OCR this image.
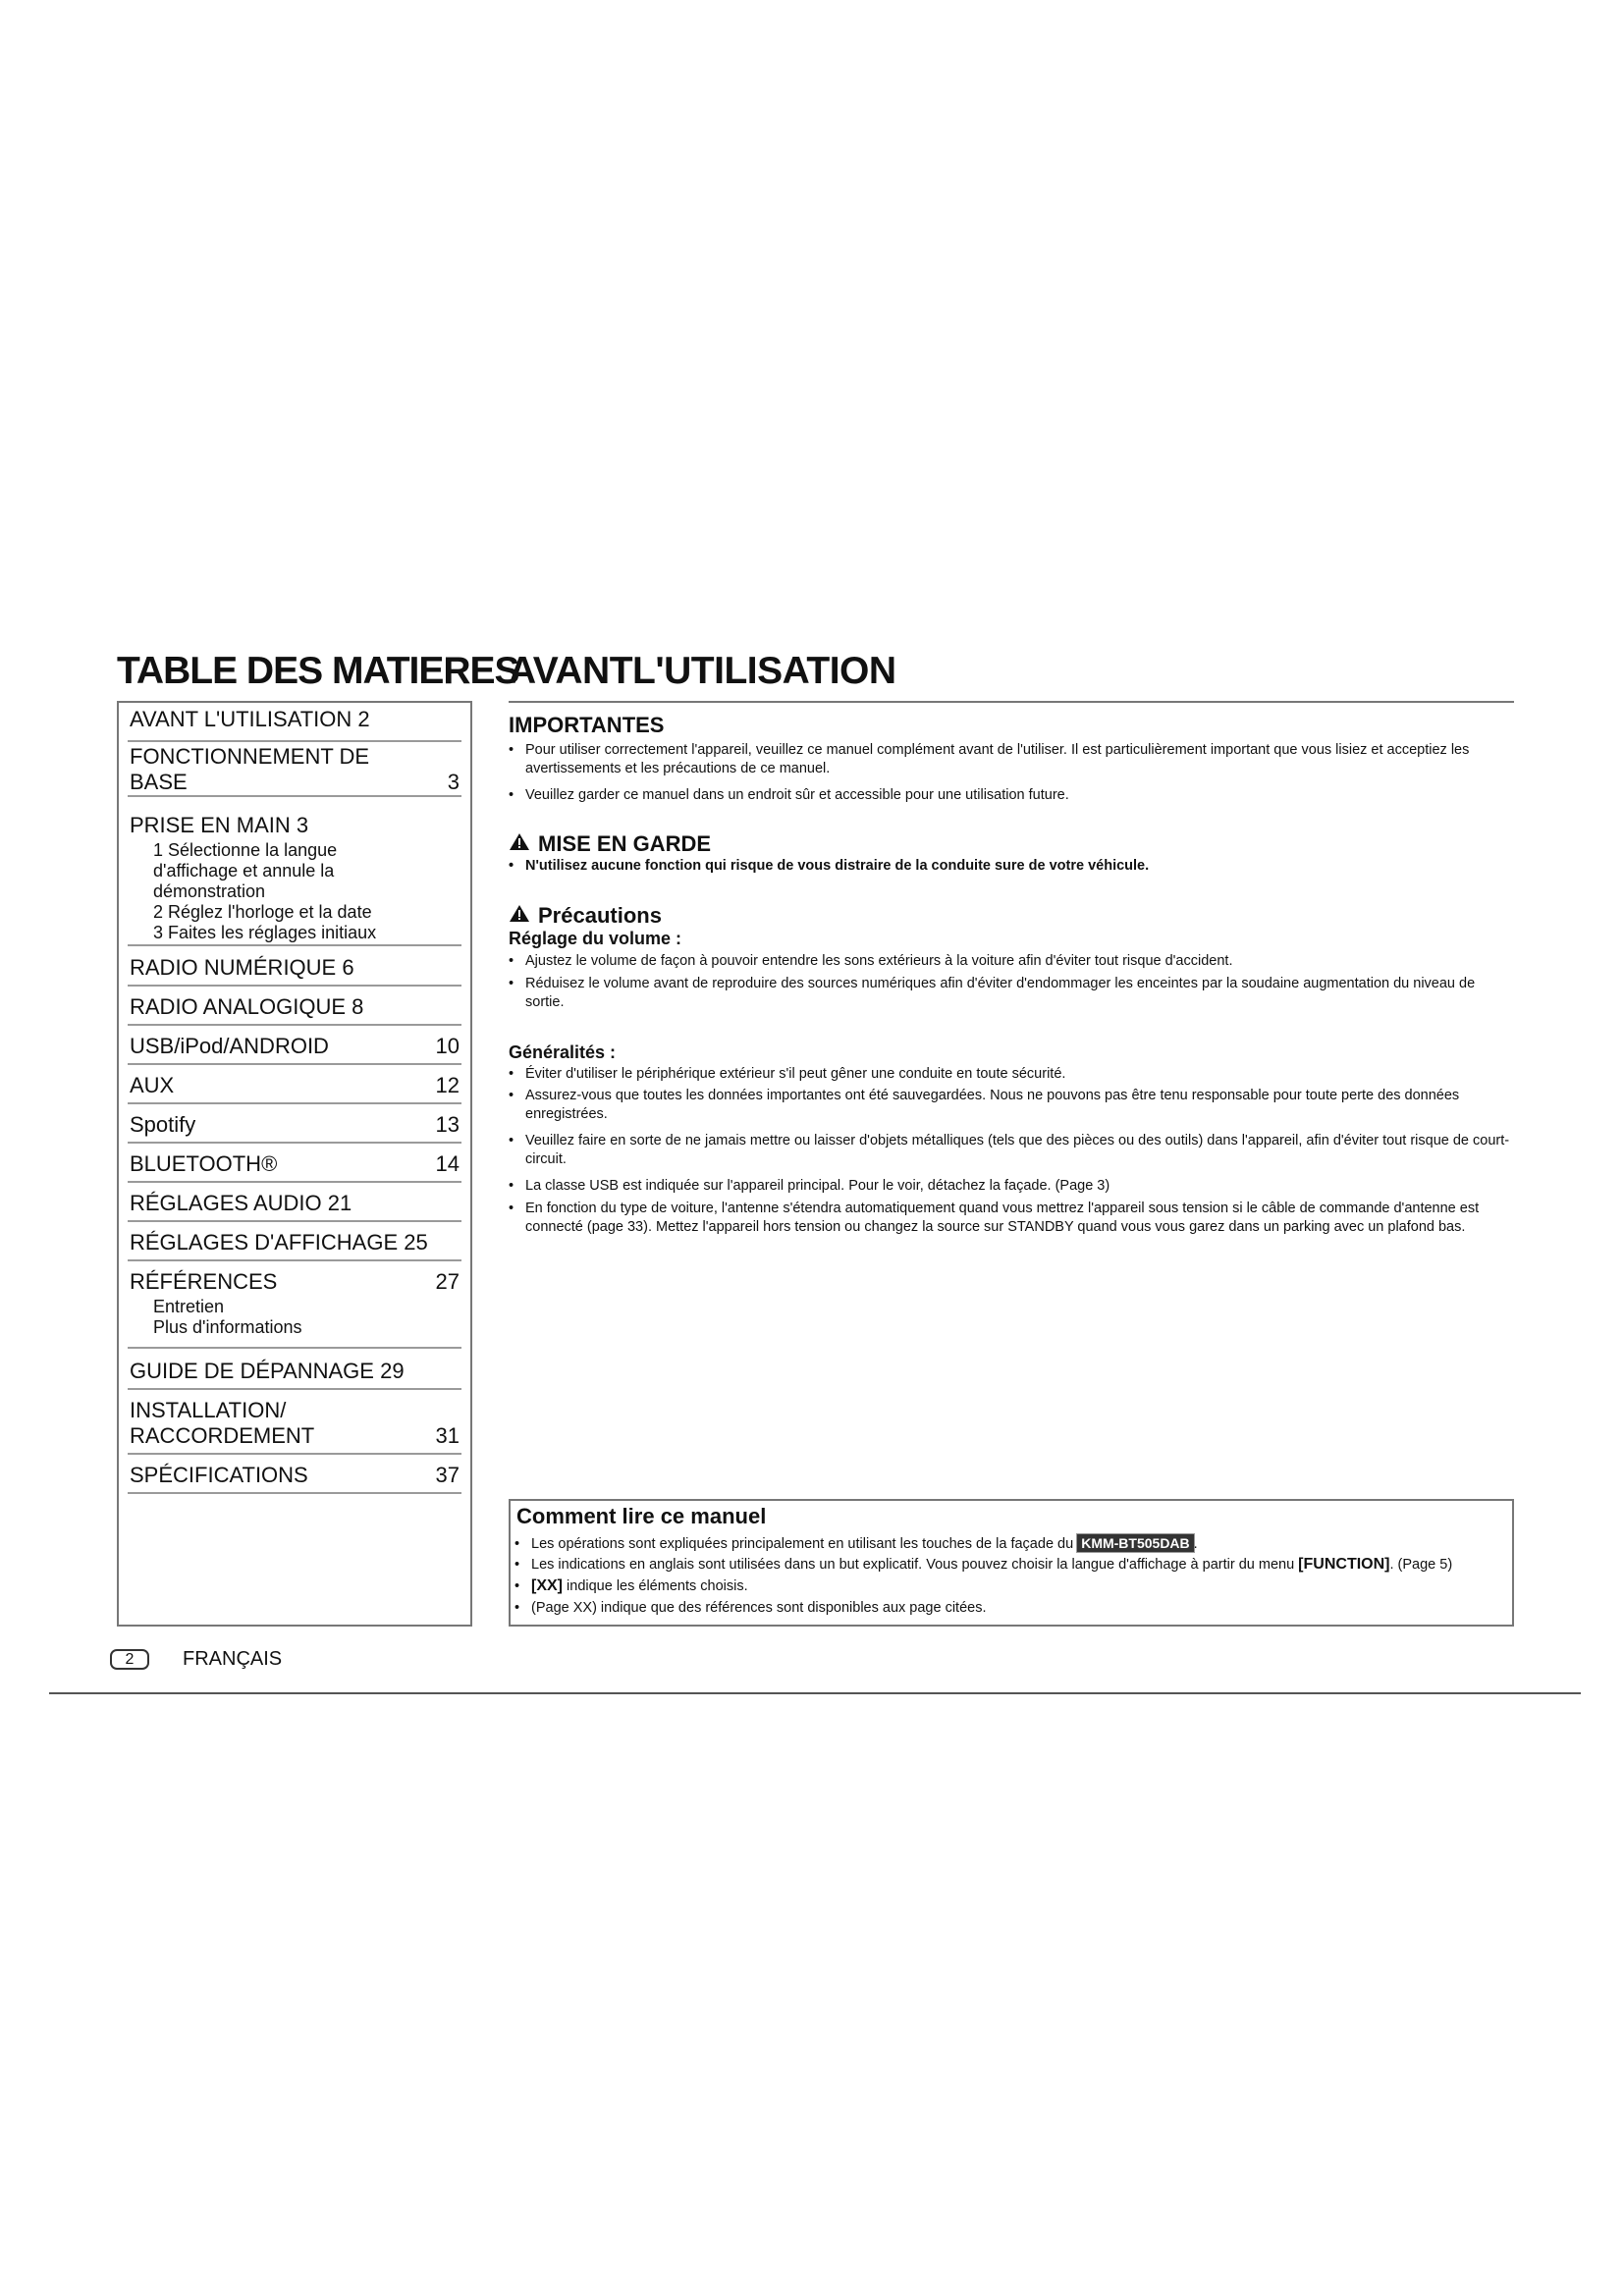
TABLE DES MATIERES
AVANT L'UTILISATION 2
FONCTIONNEMENT DE
BASE	3
PRISE EN MAIN 3
1 Sélectionne la langue
d'affichage et annule la
démonstration
2 Réglez l'horloge et la date
3 Faites les réglages initiaux
RADIO NUMÉRIQUE 6
RADIO ANALOGIQUE 8
USB/iPod/ANDROID	10
AUX	12
Spotify	13
BLUETOOTH®	14
RÉGLAGES AUDIO 21
RÉGLAGES D'AFFICHAGE 25
RÉFÉRENCES	27
Entretien
Plus d'informations
GUIDE DE DÉPANNAGE 29
INSTALLATION/
RACCORDEMENT	31
SPÉCIFICATIONS	37
AVANTL'UTILISATION
IMPORTANTES
• Pour utiliser correctement l'appareil, veuillez ce manuel complément avant de l'utiliser. Il est particulièrement important que vous lisiez et acceptiez les avertissements et les précautions de ce manuel.
• Veuillez garder ce manuel dans un endroit sûr et accessible pour une utilisation future.
MISE EN GARDE
• N'utilisez aucune fonction qui risque de vous distraire de la conduite sure de votre véhicule.
Précautions
Réglage du volume :
• Ajustez le volume de façon à pouvoir entendre les sons extérieurs à la voiture afin d'éviter tout risque d'accident.
• Réduisez le volume avant de reproduire des sources numériques afin d'éviter d'endommager les enceintes par la soudaine augmentation du niveau de sortie.
Généralités :
• Éviter d'utiliser le périphérique extérieur s'il peut gêner une conduite en toute sécurité.
• Assurez-vous que toutes les données importantes ont été sauvegardées. Nous ne pouvons pas être tenu responsable pour toute perte des données enregistrées.
• Veuillez faire en sorte de ne jamais mettre ou laisser d'objets métalliques (tels que des pièces ou des outils) dans l'appareil, afin d'éviter tout risque de court-circuit.
• La classe USB est indiquée sur l'appareil principal. Pour le voir, détachez la façade. (Page 3)
• En fonction du type de voiture, l'antenne s'étendra automatiquement quand vous mettrez l'appareil sous tension si le câble de commande d'antenne est connecté (page 33). Mettez l'appareil hors tension ou changez la source sur STANDBY quand vous vous garez dans un parking avec un plafond bas.
Comment lire ce manuel
• Les opérations sont expliquées principalement en utilisant les touches de la façade du KMM-BT505DAB .
• Les indications en anglais sont utilisées dans un but explicatif. Vous pouvez choisir la langue d'affichage à partir du menu [FUNCTION]. (Page 5)
• [XX] indique les éléments choisis.
• (Page XX) indique que des références sont disponibles aux page citées.
2	FRANÇAIS
